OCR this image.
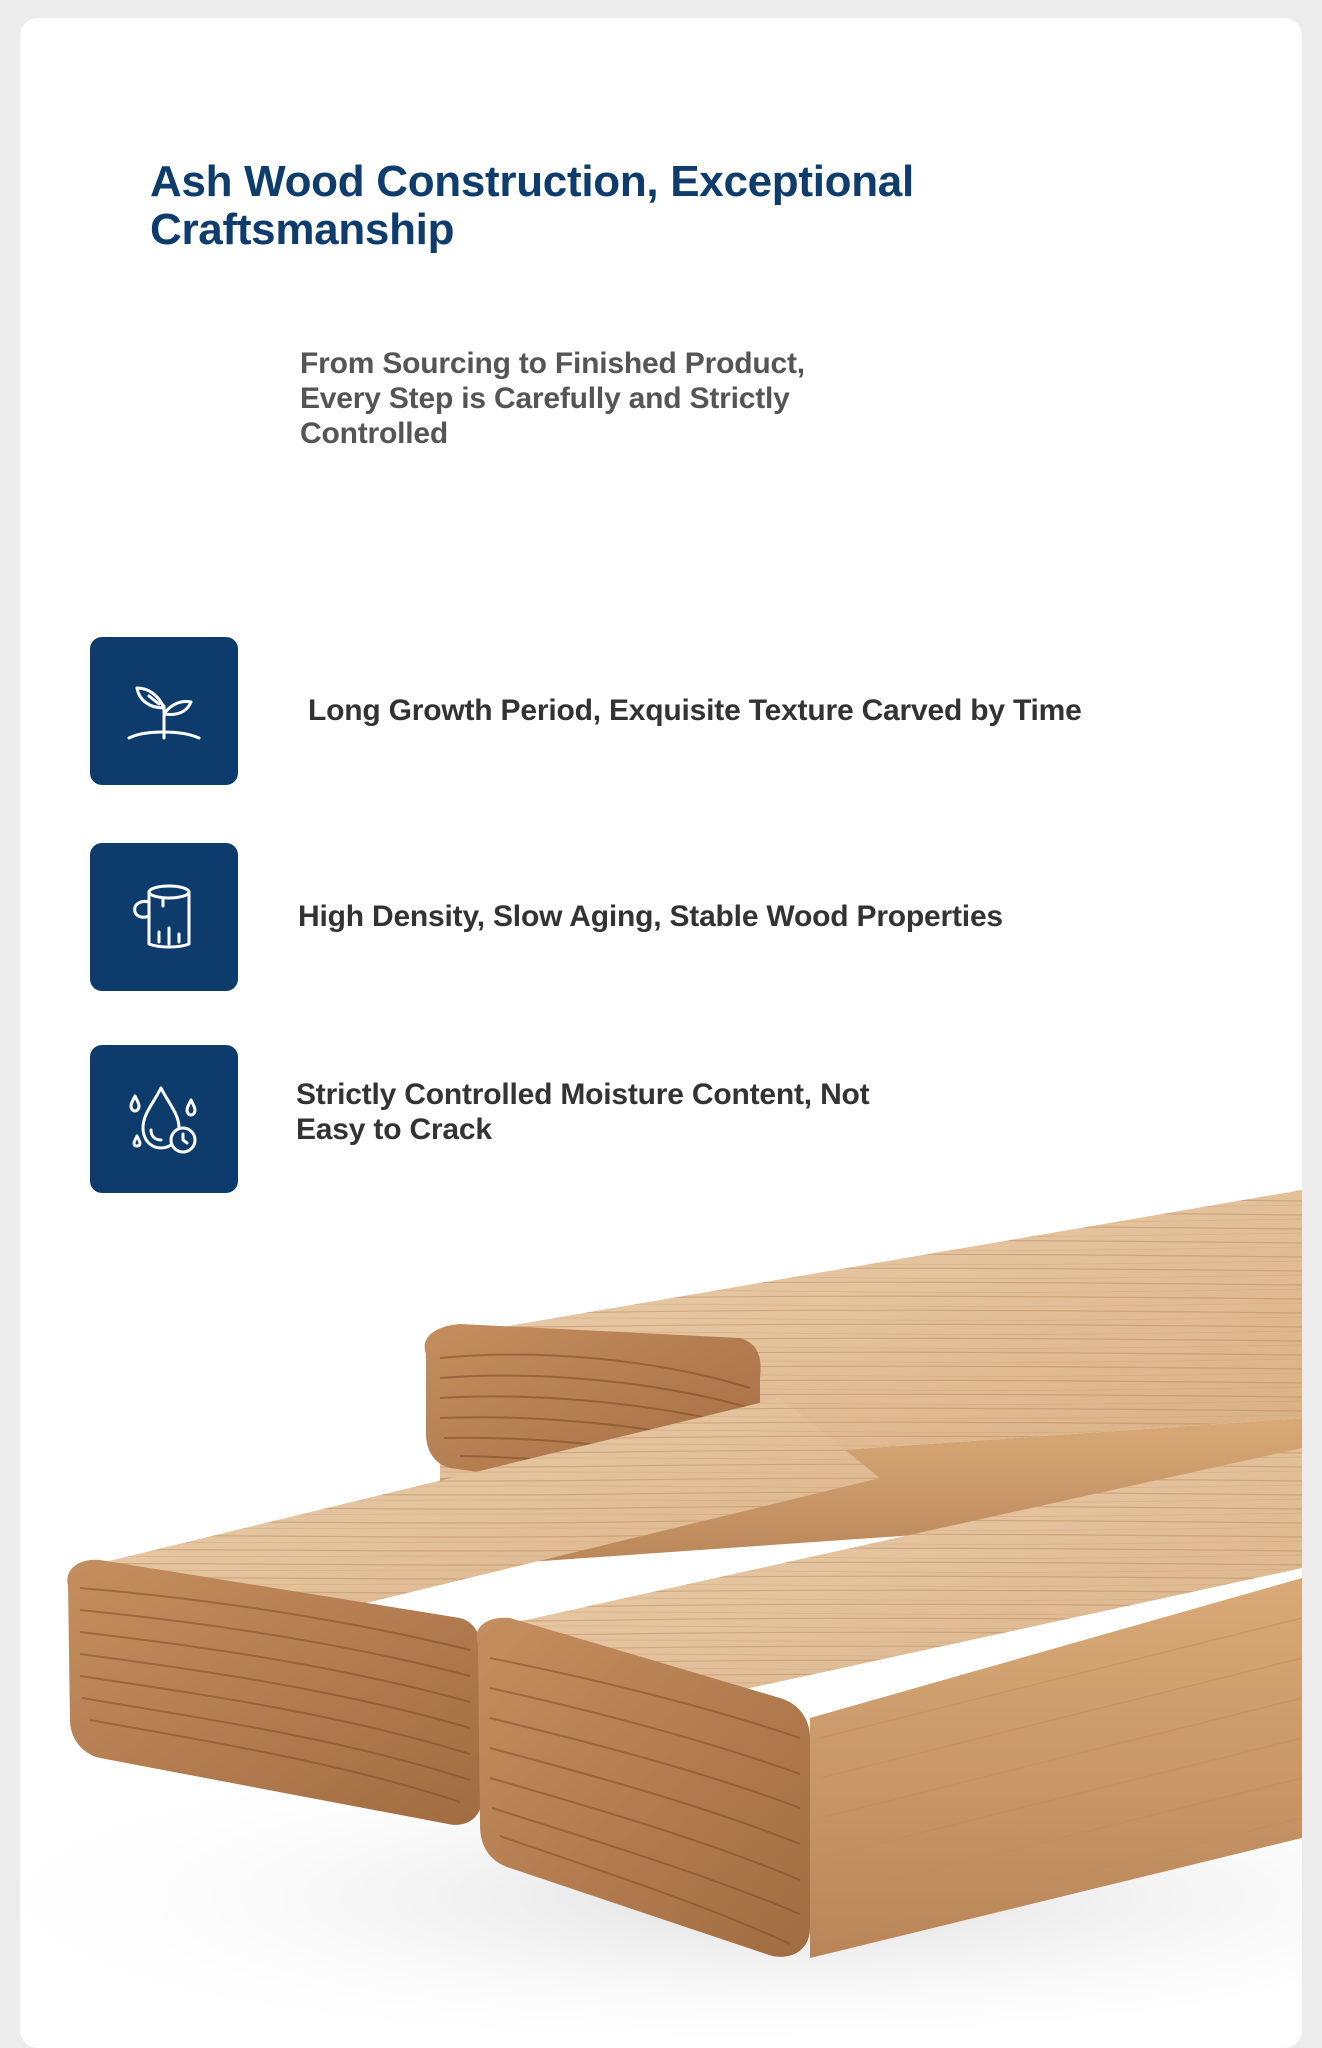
Ash Wood Construction, Exceptional Craftsmanship

From Sourcing to Finished Product, Every Step is Carefully and Strictly Controlled

Long Growth Period, Exquisite Texture Carved by Time
High Density, Slow Aging, Stable Wood Properties
Strictly Controlled Moisture Content, Not Easy to Crack
